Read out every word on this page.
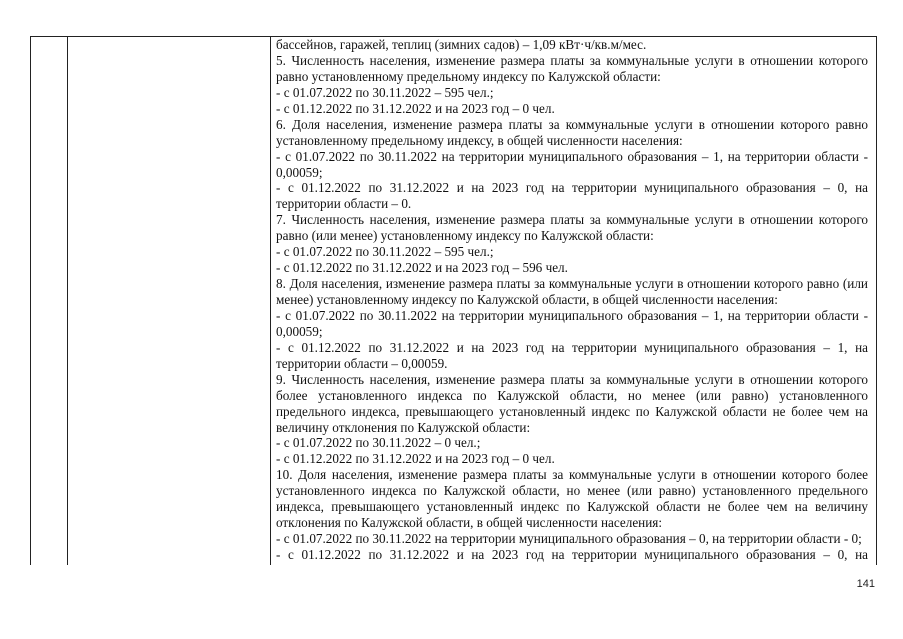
бассейнов, гаражей, теплиц (зимних садов) – 1,09 кВт·ч/кв.м/мес.
5. Численность населения, изменение размера платы за коммунальные услуги в отношении которого
равно установленному предельному индексу по Калужской области:
- с 01.07.2022 по 30.11.2022 – 595 чел.;
- с 01.12.2022 по 31.12.2022 и на 2023 год – 0 чел.
6. Доля населения, изменение размера платы за коммунальные услуги в отношении которого равно
установленному предельному индексу, в общей численности населения:
- с 01.07.2022 по 30.11.2022 на территории муниципального образования – 1, на территории области -
0,00059;
- с 01.12.2022 по 31.12.2022 и на 2023 год на территории муниципального образования – 0, на
территории области – 0.
7. Численность населения, изменение размера платы за коммунальные услуги в отношении которого
равно (или менее) установленному индексу по Калужской области:
- с 01.07.2022 по 30.11.2022 – 595 чел.;
- с 01.12.2022 по 31.12.2022 и на 2023 год – 596 чел.
8. Доля населения, изменение размера платы за коммунальные услуги в отношении которого равно (или
менее) установленному индексу по Калужской области, в общей численности населения:
- с 01.07.2022 по 30.11.2022 на территории муниципального образования – 1, на территории области -
0,00059;
- с 01.12.2022 по 31.12.2022 и на 2023 год на территории муниципального образования – 1, на
территории области – 0,00059.
9. Численность населения, изменение размера платы за коммунальные услуги в отношении которого
более установленного индекса по Калужской области, но менее (или равно) установленного
предельного индекса, превышающего установленный индекс по Калужской области не более чем на
величину отклонения по Калужской области:
- с 01.07.2022 по 30.11.2022 – 0 чел.;
- с 01.12.2022 по 31.12.2022 и на 2023 год – 0 чел.
10. Доля населения, изменение размера платы за коммунальные услуги в отношении которого более
установленного индекса по Калужской области, но менее (или равно) установленного предельного
индекса, превышающего установленный индекс по Калужской области не более чем на величину
отклонения по Калужской области, в общей численности населения:
- с 01.07.2022 по 30.11.2022 на территории муниципального образования – 0, на территории области - 0;
- с 01.12.2022 по 31.12.2022 и на 2023 год на территории муниципального образования – 0, на
141
